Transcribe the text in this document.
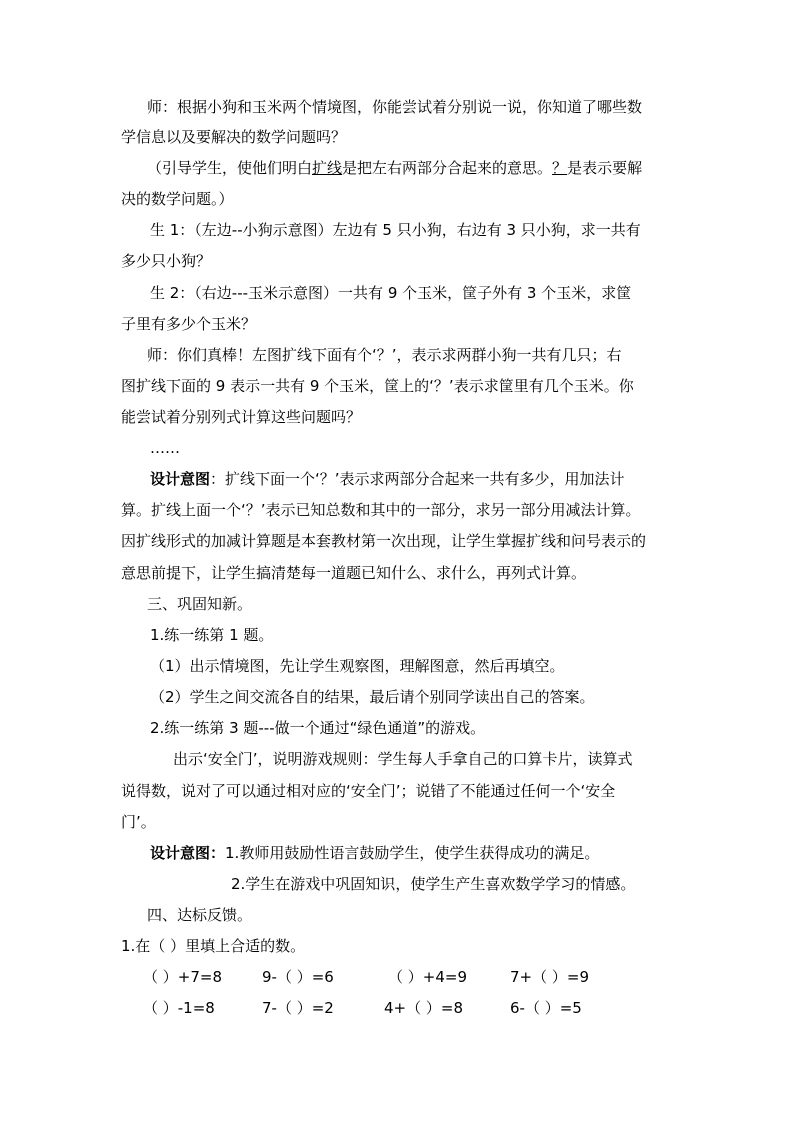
师：根据小狗和玉米两个情境图，你能尝试着分别说一说，你知道了哪些数
学信息以及要解决的数学问题吗？
（引导学生，使他们明白扩线是把左右两部分合起来的意思。？是表示要解
决的数学问题。）
生 1：（左边--小狗示意图）左边有 5 只小狗，右边有 3 只小狗，求一共有
多少只小狗？
生 2：（右边---玉米示意图）一共有 9 个玉米，筐子外有 3 个玉米，求筐
子里有多少个玉米？
师：你们真棒！左图扩线下面有个‘？’，表示求两群小狗一共有几只；右
图扩线下面的 9 表示一共有 9 个玉米，筐上的‘？’表示求筐里有几个玉米。你
能尝试着分别列式计算这些问题吗？
……
设计意图：扩线下面一个‘？’表示求两部分合起来一共有多少，用加法计
算。扩线上面一个‘？’表示已知总数和其中的一部分，求另一部分用减法计算。
因扩线形式的加减计算题是本套教材第一次出现，让学生掌握扩线和问号表示的
意思前提下，让学生搞清楚每一道题已知什么、求什么，再列式计算。
三、巩固知新。
1.练一练第 1 题。
（1）出示情境图，先让学生观察图，理解图意，然后再填空。
（2）学生之间交流各自的结果，最后请个别同学读出自己的答案。
2.练一练第 3 题---做一个通过“绿色通道”的游戏。
出示‘安全门’，说明游戏规则：学生每人手拿自己的口算卡片，读算式
说得数，说对了可以通过相对应的‘安全门’；说错了不能通过任何一个‘安全
门’。
设计意图：1.教师用鼓励性语言鼓励学生，使学生获得成功的满足。
2.学生在游戏中巩固知识，使学生产生喜欢数学学习的情感。
四、达标反馈。
1.在（ ）里填上合适的数。
（ ）+7=8	9-（ ）=6	（ ）+4=9	7+（ ）=9
（ ）-1=8	7-（ ）=2	4+（ ）=8	6-（ ）=5
